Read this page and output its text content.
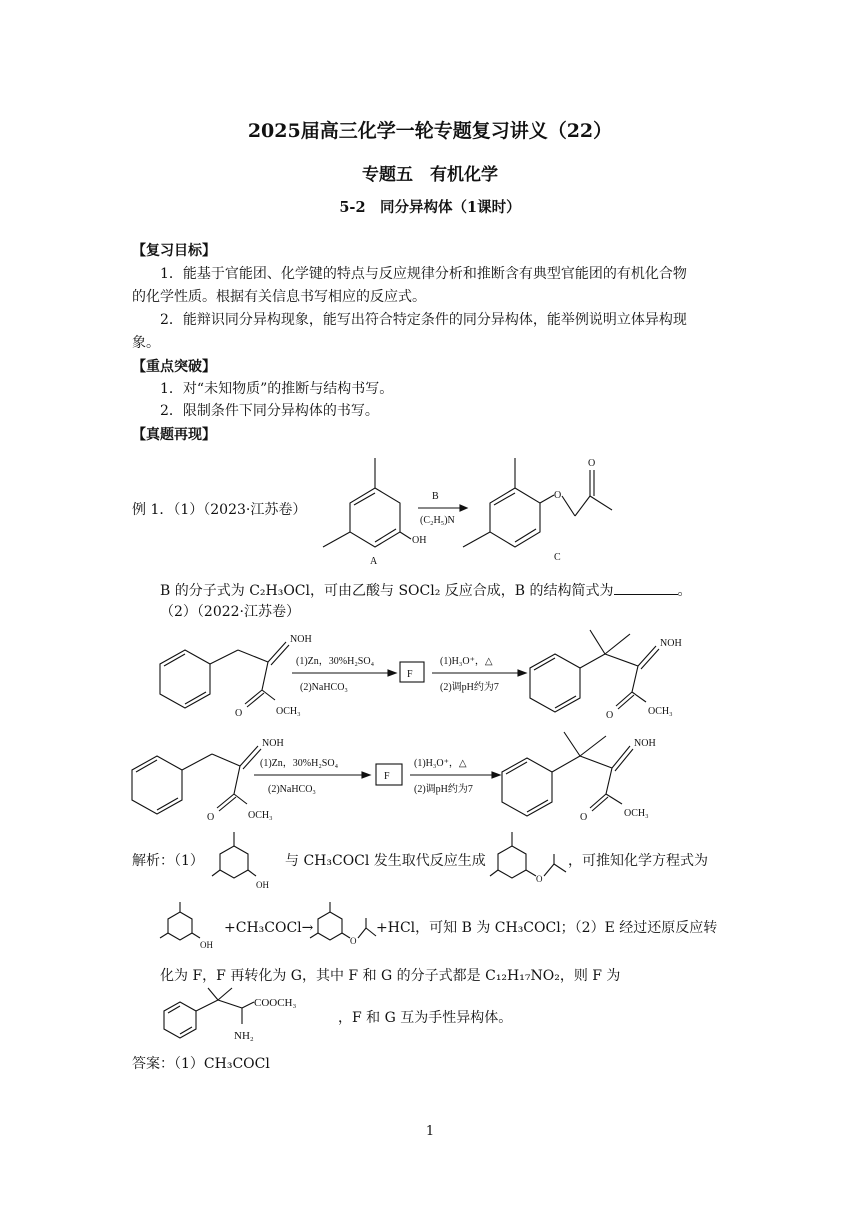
2025届高三化学一轮专题复习讲义（22）
专题五　有机化学
5-2　同分异构体（1课时）
【复习目标】
1．能基于官能团、化学键的特点与反应规律分析和推断含有典型官能团的有机化合物
的化学性质。根据有关信息书写相应的反应式。
2．能辩识同分异构现象，能写出符合特定条件的同分异构体，能举例说明立体异构现
象。
【重点突破】
1．对“未知物质”的推断与结构书写。
2．限制条件下同分异构体的书写。
【真题再现】
例 1．（1）（2023·江苏卷）
OH
A
B
(C₂H₅)N
O
O
C
B 的分子式为 C₂H₃OCl，可由乙酸与 SOCl₂ 反应合成，B 的结构简式为	。
（2）（2022·江苏卷）
NOH
O	OCH₃
(1)Zn，30%H₂SO₄
(2)NaHCO₃
F
(1)H₃O⁺，△
(2)调pH约为7
NOH
O	OCH₃
NOH
O	OCH₃
(1)Zn，30%H₂SO₄
(2)NaHCO₃
F
(1)H₃O⁺，△
(2)调pH约为7
NOH
O	OCH₃
解析：（1）
OH
与 CH₃COCl 发生取代反应生成
O
，可推知化学方程式为
OH
+CH₃COCl→
O
+HCl，可知 B 为 CH₃COCl；（2）E 经过还原反应转
化为 F，F 再转化为 G，其中 F 和 G 的分子式都是 C₁₂H₁₇NO₂，则 F 为
COOCH₃
NH₂
，F 和 G 互为手性异构体。
答案：（1）CH₃COCl
1
